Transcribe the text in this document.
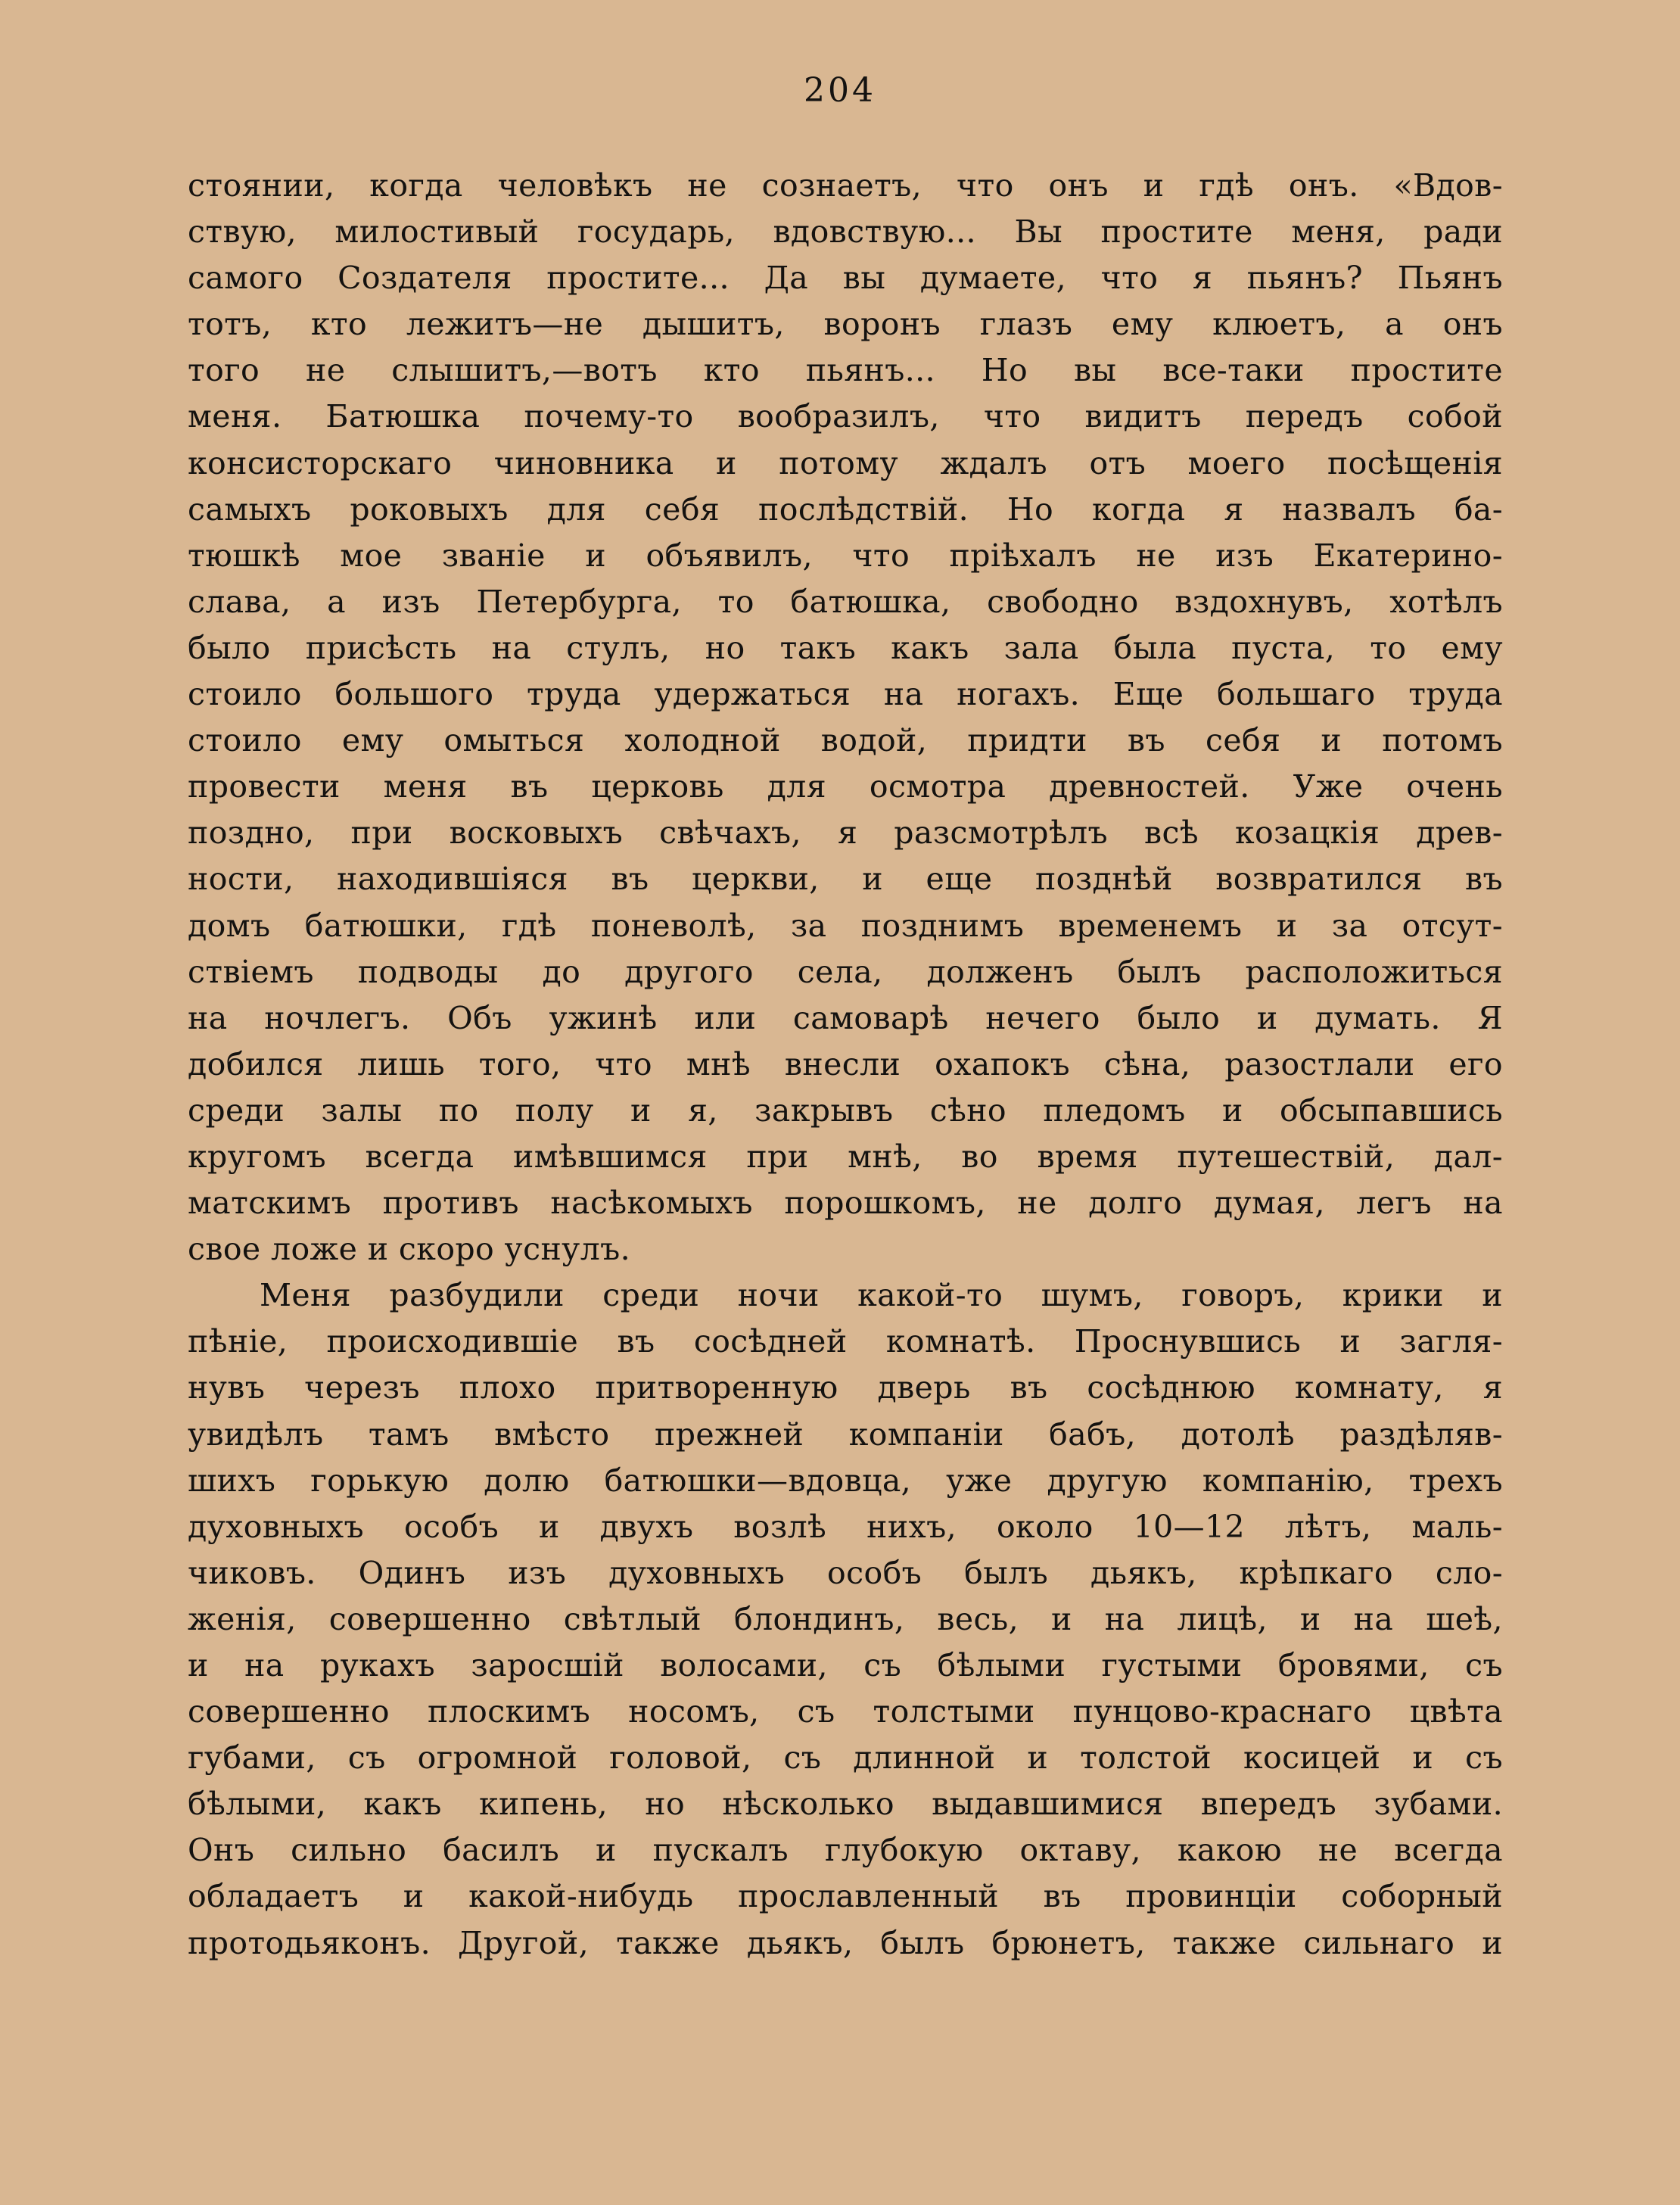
204
стоянии, когда человѣкъ не сознаетъ, что онъ и гдѣ онъ. «Вдов-
ствую, милостивый государь, вдовствую... Вы простите меня, ради
самого Создателя простите... Да вы думаете, что я пьянъ? Пьянъ
тотъ, кто лежитъ—не дышитъ, воронъ глазъ ему клюетъ, а онъ
того не слышитъ,—вотъ кто пьянъ... Но вы все-таки простите
меня. Батюшка почему-то вообразилъ, что видитъ передъ собой
консисторскаго чиновника и потому ждалъ отъ моего посѣщенія
самыхъ роковыхъ для себя послѣдствій. Но когда я назвалъ ба-
тюшкѣ мое званіе и объявилъ, что пріѣхалъ не изъ Екатерино-
слава, а изъ Петербурга, то батюшка, свободно вздохнувъ, хотѣлъ
было присѣсть на стулъ, но такъ какъ зала была пуста, то ему
стоило большого труда удержаться на ногахъ. Еще большаго труда
стоило ему омыться холодной водой, придти въ себя и потомъ
провести меня въ церковь для осмотра древностей. Уже очень
поздно, при восковыхъ свѣчахъ, я разсмотрѣлъ всѣ козацкія древ-
ности, находившіяся въ церкви, и еще позднѣй возвратился въ
домъ батюшки, гдѣ поневолѣ, за позднимъ временемъ и за отсут-
ствіемъ подводы до другого села, долженъ былъ расположиться
на ночлегъ. Объ ужинѣ или самоварѣ нечего было и думать. Я
добился лишь того, что мнѣ внесли охапокъ сѣна, разостлали его
среди залы по полу и я, закрывъ сѣно пледомъ и обсыпавшись
кругомъ всегда имѣвшимся при мнѣ, во время путешествій, дал-
матскимъ противъ насѣкомыхъ порошкомъ, не долго думая, легъ на
свое ложе и скоро уснулъ.
Меня разбудили среди ночи какой-то шумъ, говоръ, крики и
пѣніе, происходившіе въ сосѣдней комнатѣ. Проснувшись и загля-
нувъ черезъ плохо притворенную дверь въ сосѣднюю комнату, я
увидѣлъ тамъ вмѣсто прежней компаніи бабъ, дотолѣ раздѣляв-
шихъ горькую долю батюшки—вдовца, уже другую компанію, трехъ
духовныхъ особъ и двухъ возлѣ нихъ, около 10—12 лѣтъ, маль-
чиковъ. Одинъ изъ духовныхъ особъ былъ дьякъ, крѣпкаго сло-
женія, совершенно свѣтлый блондинъ, весь, и на лицѣ, и на шеѣ,
и на рукахъ заросшій волосами, съ бѣлыми густыми бровями, съ
совершенно плоскимъ носомъ, съ толстыми пунцово-краснаго цвѣта
губами, съ огромной головой, съ длинной и толстой косицей и съ
бѣлыми, какъ кипень, но нѣсколько выдавшимися впередъ зубами.
Онъ сильно басилъ и пускалъ глубокую октаву, какою не всегда
обладаетъ и какой-нибудь прославленный въ провинціи соборный
протодьяконъ. Другой, также дьякъ, былъ брюнетъ, также сильнаго и
